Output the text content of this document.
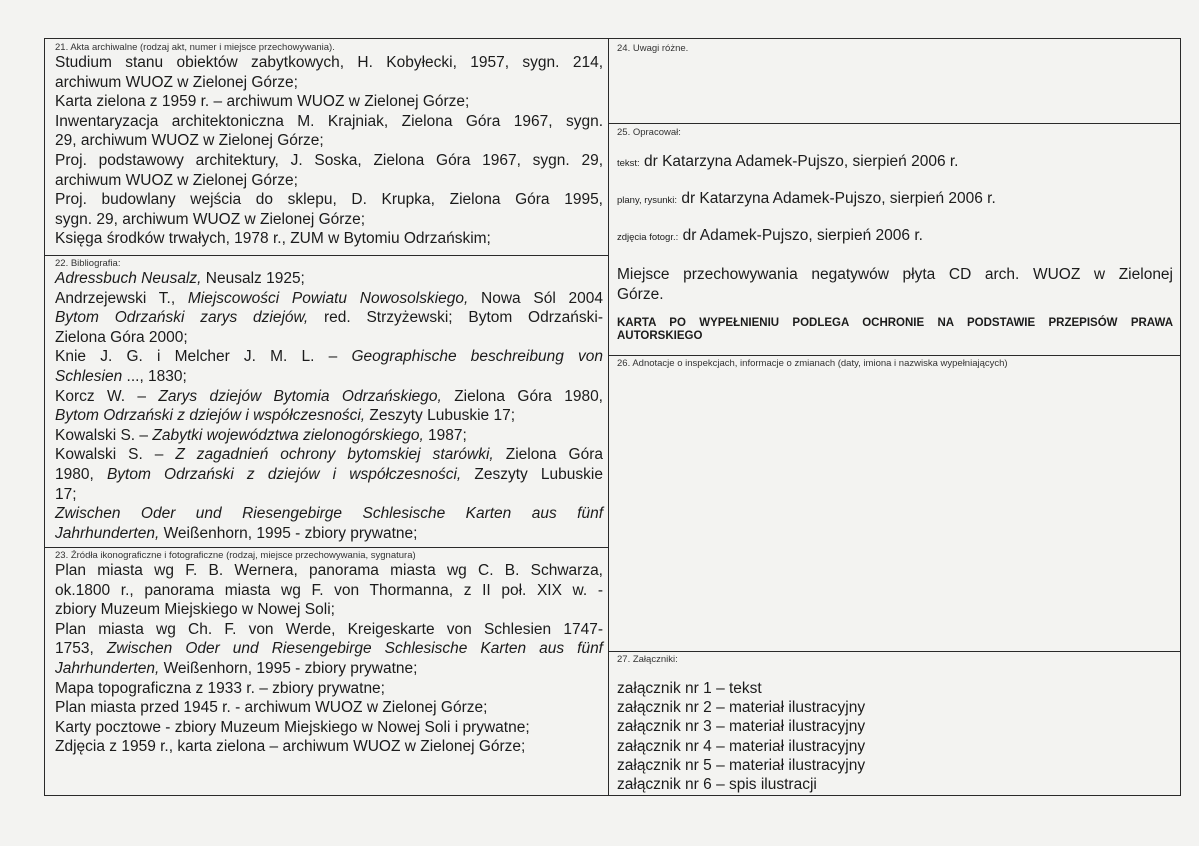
21. Akta archiwalne (rodzaj akt, numer i miejsce przechowywania).
Studium stanu obiektów zabytkowych, H. Kobyłecki, 1957, sygn. 214,
archiwum WUOZ w Zielonej Górze;
Karta zielona z 1959 r. – archiwum WUOZ w Zielonej Górze;
Inwentaryzacja architektoniczna M. Krajniak, Zielona Góra 1967, sygn.
29, archiwum WUOZ w Zielonej Górze;
Proj. podstawowy architektury, J. Soska, Zielona Góra 1967, sygn. 29,
archiwum WUOZ w Zielonej Górze;
Proj. budowlany wejścia do sklepu, D. Krupka, Zielona Góra 1995,
sygn. 29, archiwum WUOZ w Zielonej Górze;
Księga środków trwałych, 1978 r., ZUM w Bytomiu Odrzańskim;
22. Bibliografia:
Adressbuch Neusalz, Neusalz 1925;
Andrzejewski T., Miejscowości Powiatu Nowosolskiego, Nowa Sól 2004
Bytom Odrzański zarys dziejów, red. Strzyżewski; Bytom Odrzański-
Zielona Góra 2000;
Knie J. G. i Melcher J. M. L. – Geographische beschreibung von
Schlesien ..., 1830;
Korcz W. – Zarys dziejów Bytomia Odrzańskiego, Zielona Góra 1980,
Bytom Odrzański z dziejów i współczesności, Zeszyty Lubuskie 17;
Kowalski S. – Zabytki województwa zielonogórskiego, 1987;
Kowalski S. – Z zagadnień ochrony bytomskiej starówki, Zielona Góra
1980, Bytom Odrzański z dziejów i współczesności, Zeszyty Lubuskie
17;
Zwischen Oder und Riesengebirge Schlesische Karten aus fünf
Jahrhunderten, Weißenhorn, 1995 - zbiory prywatne;
23. Źródła ikonograficzne i fotograficzne (rodzaj, miejsce przechowywania, sygnatura)
Plan miasta wg F. B. Wernera, panorama miasta wg C. B. Schwarza,
ok.1800 r., panorama miasta wg F. von Thormanna, z II poł. XIX w. -
zbiory Muzeum Miejskiego w Nowej Soli;
Plan miasta wg Ch. F. von Werde, Kreigeskarte von Schlesien 1747-
1753, Zwischen Oder und Riesengebirge Schlesische Karten aus fünf
Jahrhunderten, Weißenhorn, 1995 - zbiory prywatne;
Mapa topograficzna z 1933 r. – zbiory prywatne;
Plan miasta przed 1945 r. - archiwum WUOZ w Zielonej Górze;
Karty pocztowe - zbiory Muzeum Miejskiego w Nowej Soli i prywatne;
Zdjęcia z 1959 r., karta zielona – archiwum WUOZ w Zielonej Górze;
24. Uwagi różne.
25. Opracował:
tekst: dr Katarzyna Adamek-Pujszo, sierpień 2006 r.
plany, rysunki: dr Katarzyna Adamek-Pujszo, sierpień 2006 r.
zdjęcia fotogr.: dr Adamek-Pujszo, sierpień 2006 r.
Miejsce przechowywania negatywów płyta CD arch. WUOZ w Zielonej
Górze.
KARTA PO WYPEŁNIENIU PODLEGA OCHRONIE NA PODSTAWIE PRZEPISÓW PRAWA
AUTORSKIEGO
26. Adnotacje o inspekcjach, informacje o zmianach (daty, imiona i nazwiska wypełniających)
27. Załączniki:
załącznik nr 1 – tekst
załącznik nr 2 – materiał ilustracyjny
załącznik nr 3 – materiał ilustracyjny
załącznik nr 4 – materiał ilustracyjny
załącznik nr 5 – materiał ilustracyjny
załącznik nr 6 – spis ilustracji
